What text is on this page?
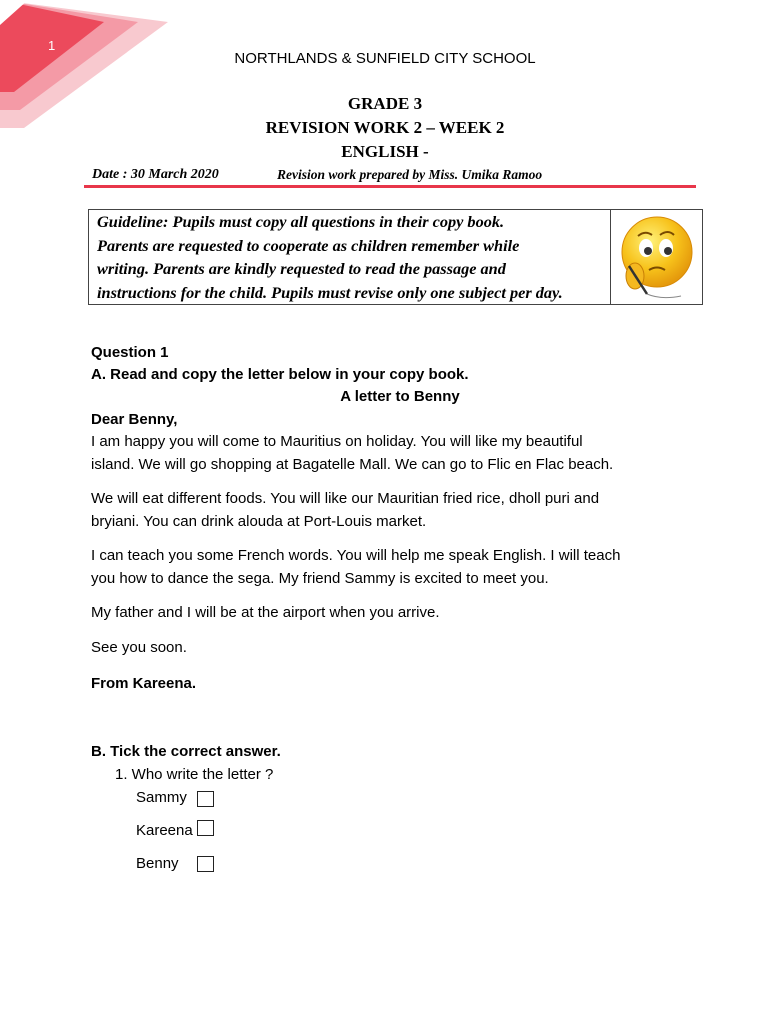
1
NORTHLANDS & SUNFIELD CITY SCHOOL
GRADE 3
REVISION WORK 2 – WEEK 2
ENGLISH -
Date : 30 March 2020	Revision work prepared by Miss. Umika Ramoo
Guideline: Pupils must copy all questions in their copy book.
Parents are requested to cooperate as children remember while
writing. Parents are kindly requested to read the passage and
instructions for the child. Pupils must revise only one subject per day.
Question 1
A. Read and copy the letter below in your copy book.
A letter to Benny
Dear Benny,
I am happy you will come to Mauritius on holiday. You will like my beautiful
island. We will go shopping at Bagatelle Mall. We can go to Flic en Flac beach.
We will eat different foods. You will like our Mauritian fried rice, dholl puri and
bryiani. You can drink alouda at Port-Louis market.
I can teach you some French words. You will help me speak English. I will teach
you how to dance the sega. My friend Sammy is excited to meet you.
My father and I will be at the airport when you arrive.
See you soon.
From Kareena.
B. Tick the correct answer.
1. Who write the letter ?
Sammy
Kareena
Benny
